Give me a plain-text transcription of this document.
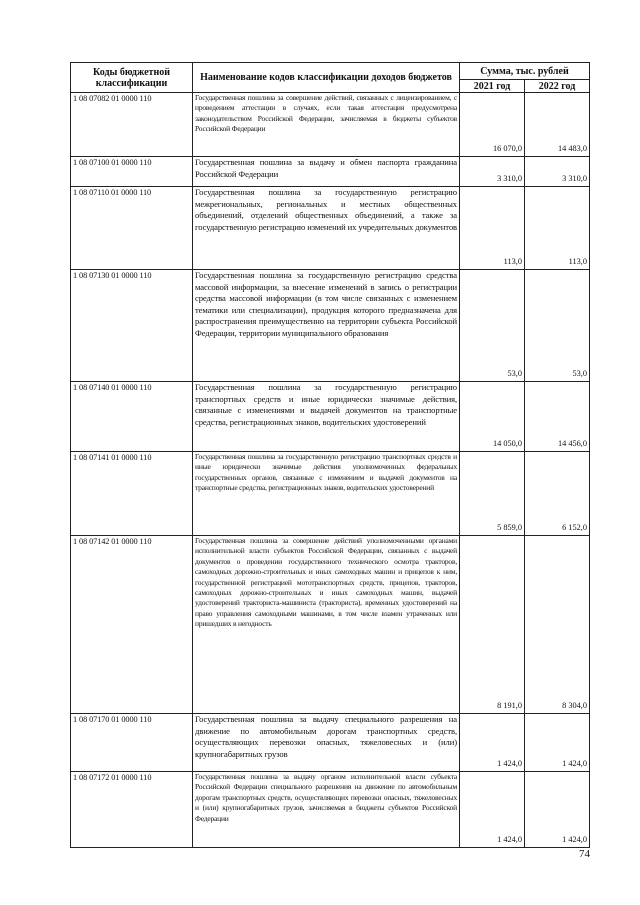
Коды бюджетной классификации	Наименование кодов классификации доходов бюджетов	Сумма, тыс. рублей	
		2021 год	2022 год
1 08 07082 01 0000 110	Государственная пошлина за совершение действий, связанных с лицензированием, с проведением аттестации в случаях, если такая аттестация предусмотрена законодательством Российской Федерации, зачисляемая в бюджеты субъектов Российской Федерации	16 070,0	14 483,0
1 08 07100 01 0000 110	Государственная пошлина за выдачу и обмен паспорта гражданина Российской Федерации	3 310,0	3 310,0
1 08 07110 01 0000 110	Государственная пошлина за государственную регистрацию межрегиональных, региональных и местных общественных объединений, отделений общественных объединений, а также за государственную регистрацию изменений их учредительных документов	113,0	113,0
1 08 07130 01 0000 110	Государственная пошлина за государственную регистрацию средства массовой информации, за внесение изменений в запись о регистрации средства массовой информации (в том числе связанных с изменением тематики или специализации), продукция которого предназначена для распространения преимущественно на территории субъекта Российской Федерации, территории муниципального образования	53,0	53,0
1 08 07140 01 0000 110	Государственная пошлина за государственную регистрацию транспортных средств и иные юридически значимые действия, связанные с изменениями и выдачей документов на транспортные средства, регистрационных знаков, водительских удостоверений	14 050,0	14 456,0
1 08 07141 01 0000 110	Государственная пошлина за государственную регистрацию транспортных средств и иные юридически значимые действия уполномоченных федеральных государственных органов, связанные с изменением и выдачей документов на транспортные средства, регистрационных знаков, водительских удостоверений	5 859,0	6 152,0
1 08 07142 01 0000 110	Государственная пошлина за совершение действий уполномоченными органами исполнительной власти субъектов Российской Федерации, связанных с выдачей документов о проведении государственного технического осмотра тракторов, самоходных дорожно-строительных и иных самоходных машин и прицепов к ним, государственной регистрацией мототранспортных средств, прицепов, тракторов, самоходных дорожно-строительных и иных самоходных машин, выдачей удостоверений тракториста-машиниста (тракториста), временных удостоверений на право управления самоходными машинами, в том числе взамен утраченных или пришедших в негодность	8 191,0	8 304,0
1 08 07170 01 0000 110	Государственная пошлина за выдачу специального разрешения на движение по автомобильным дорогам транспортных средств, осуществляющих перевозки опасных, тяжеловесных и (или) крупногабаритных грузов	1 424,0	1 424,0
1 08 07172 01 0000 110	Государственная пошлина за выдачу органом исполнительной власти субъекта Российской Федерации специального разрешения на движение по автомобильным дорогам транспортных средств, осуществляющих перевозки опасных, тяжеловесных и (или) крупногабаритных грузов, зачисляемая в бюджеты субъектов Российской Федерации	1 424,0	1 424,0
74
